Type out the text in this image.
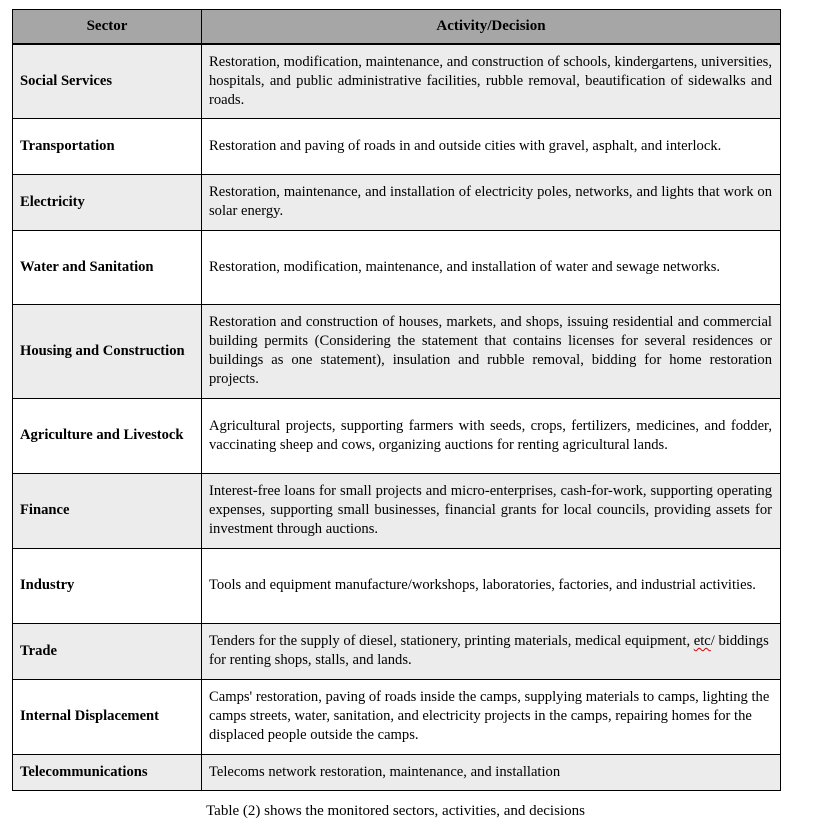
Sector	Activity/Decision
Social Services	Restoration, modification, maintenance, and construction of schools, kindergartens, universities, hospitals, and public administrative facilities, rubble removal, beautification of sidewalks and roads.
Transportation	Restoration and paving of roads in and outside cities with gravel, asphalt, and interlock.
Electricity	Restoration, maintenance, and installation of electricity poles, networks, and lights that work on solar energy.
Water and Sanitation	Restoration, modification, maintenance, and installation of water and sewage networks.
Housing and Construction	Restoration and construction of houses, markets, and shops, issuing residential and commercial building permits (Considering the statement that contains licenses for several residences or buildings as one statement), insulation and rubble removal, bidding for home restoration projects.
Agriculture and Livestock	Agricultural projects, supporting farmers with seeds, crops, fertilizers, medicines, and fodder, vaccinating sheep and cows, organizing auctions for renting agricultural lands.
Finance	Interest-free loans for small projects and micro-enterprises, cash-for-work, supporting operating expenses, supporting small businesses, financial grants for local councils, providing assets for investment through auctions.
Industry	Tools and equipment manufacture/workshops, laboratories, factories, and industrial activities.
Trade	Tenders for the supply of diesel, stationery, printing materials, medical equipment, etc/ biddings for renting shops, stalls, and lands.
Internal Displacement	Camps' restoration, paving of roads inside the camps, supplying materials to camps, lighting the camps streets, water, sanitation, and electricity projects in the camps, repairing homes for the displaced people outside the camps.
Telecommunications	Telecoms network restoration, maintenance, and installation
Table (2) shows the monitored sectors, activities, and decisions
